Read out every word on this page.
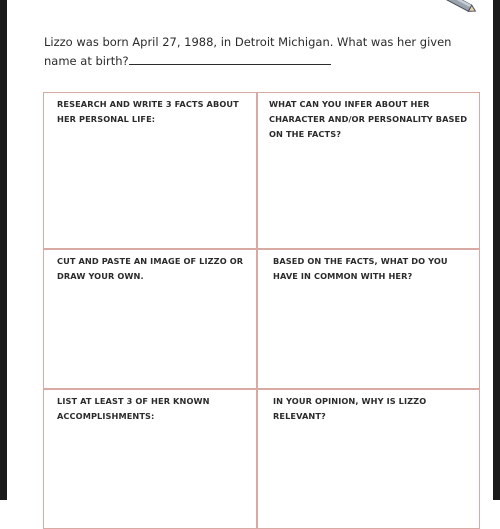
Lizzo was born April 27, 1988, in Detroit Michigan. What was her given name at birth?
RESEARCH AND WRITE 3 FACTS ABOUT HER PERSONAL LIFE:
WHAT CAN YOU INFER ABOUT HER CHARACTER AND/OR PERSONALITY BASED ON THE FACTS?
CUT AND PASTE AN IMAGE OF LIZZO OR DRAW YOUR OWN.
BASED ON THE FACTS, WHAT DO YOU HAVE IN COMMON WITH HER?
LIST AT LEAST 3 OF HER KNOWN ACCOMPLISHMENTS:
IN YOUR OPINION, WHY IS LIZZO RELEVANT?
